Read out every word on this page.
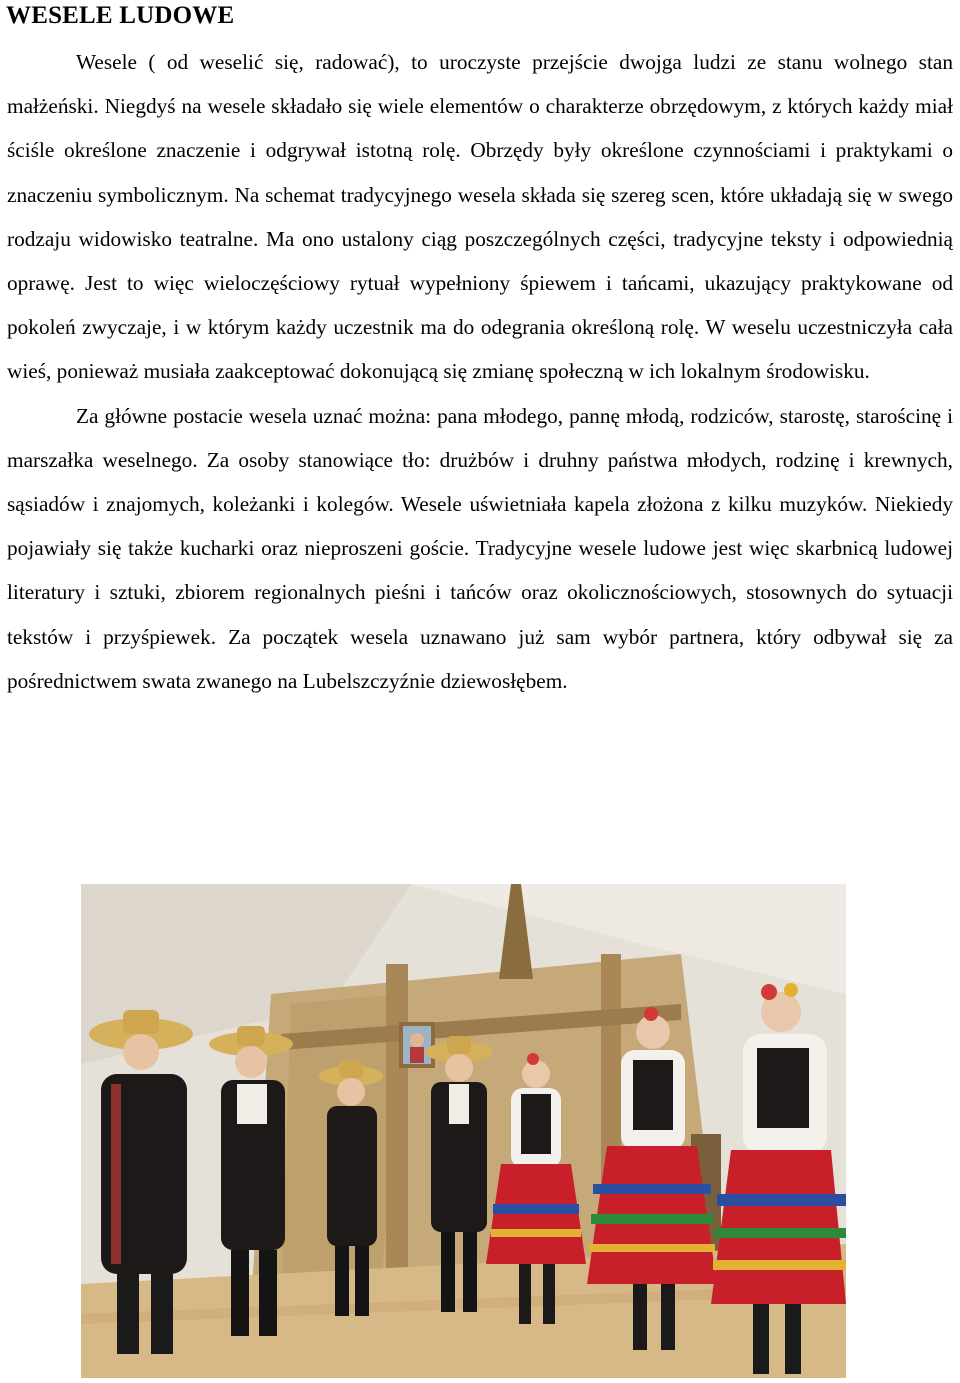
WESELE LUDOWE

Wesele ( od weselić się, radować), to uroczyste przejście dwojga ludzi ze stanu wolnego stan małżeński. Niegdyś na wesele składało się wiele elementów o charakterze obrzędowym, z których każdy miał ściśle określone znaczenie i odgrywał istotną rolę. Obrzędy były określone czynnościami i praktykami o znaczeniu symbolicznym. Na schemat tradycyjnego wesela składa się szereg scen, które układają się w swego rodzaju widowisko teatralne. Ma ono ustalony ciąg poszczególnych części, tradycyjne teksty i odpowiednią oprawę. Jest to więc wieloczęściowy rytuał wypełniony śpiewem i tańcami, ukazujący praktykowane od pokoleń zwyczaje, i w którym każdy uczestnik ma do odegrania określoną rolę. W weselu uczestniczyła cała wieś, ponieważ musiała zaakceptować dokonującą się zmianę społeczną w ich lokalnym środowisku.

Za główne postacie wesela uznać można: pana młodego, pannę młodą, rodziców, starostę, starościnę i marszałka weselnego. Za osoby stanowiące tło: drużbów i druhny państwa młodych, rodzinę i krewnych, sąsiadów i znajomych, koleżanki i kolegów. Wesele uświetniała kapela złożona z kilku muzyków. Niekiedy pojawiały się także kucharki oraz nieproszeni goście. Tradycyjne wesele ludowe jest więc skarbnicą ludowej literatury i sztuki, zbiorem regionalnych pieśni i tańców oraz okolicznościowych, stosownych do sytuacji tekstów i przyśpiewek. Za początek wesela uznawano już sam wybór partnera, który odbywał się za pośrednictwem swata zwanego na Lubelszczyźnie dziewosłębem.
